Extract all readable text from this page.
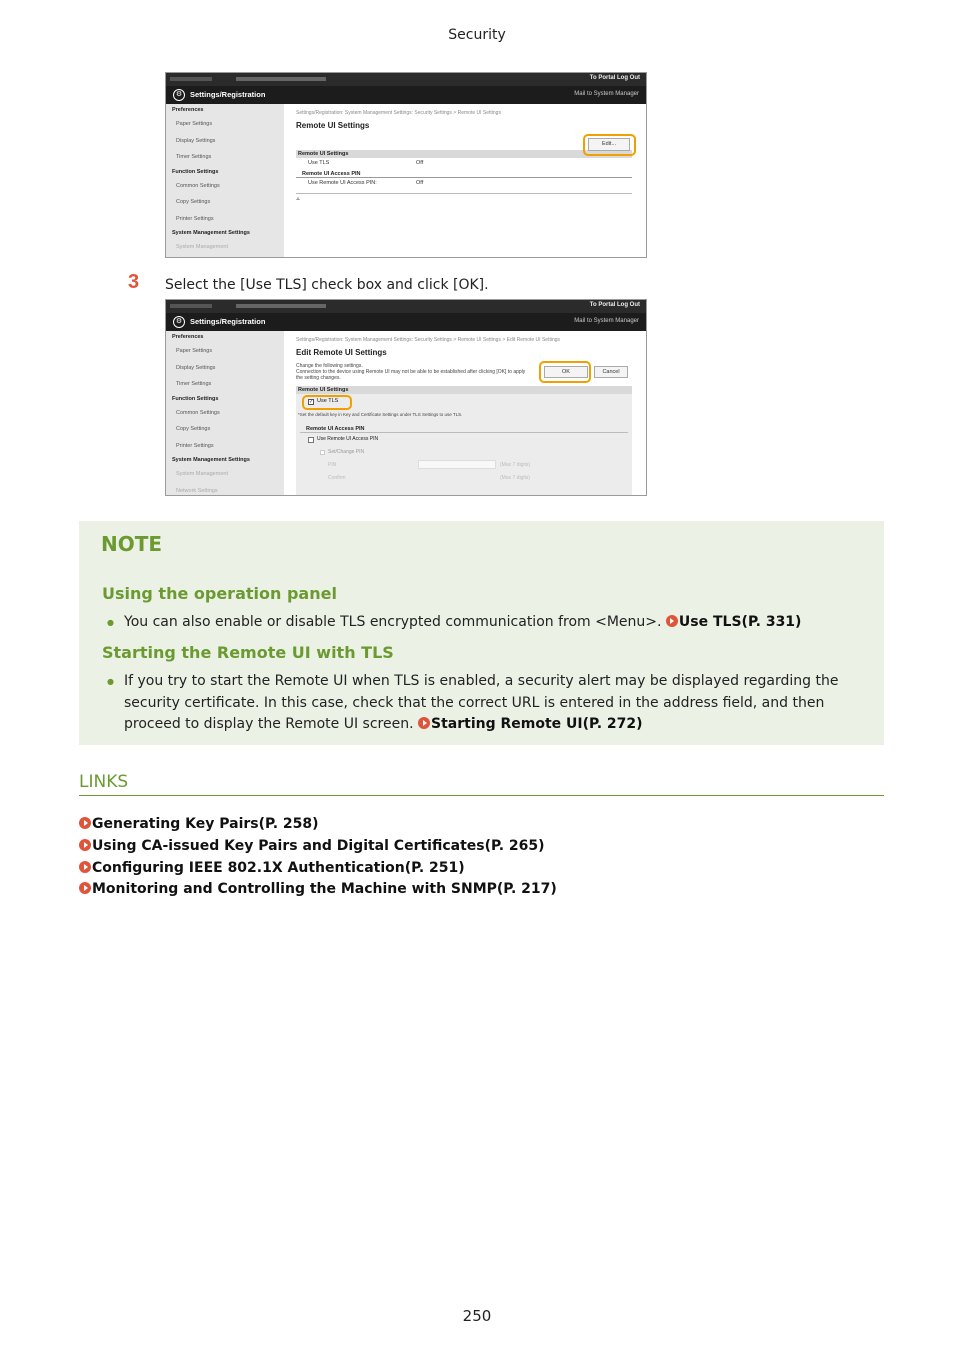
Security
To Portal Log Out
⚙	Settings/Registration	Mail to System Manager
Preferences
Paper Settings
Display Settings
Timer Settings
Function Settings
Common Settings
Copy Settings
Printer Settings
System Management Settings
System Management
Settings/Registration: System Management Settings: Security Settings > Remote UI Settings
Remote UI Settings
Edit...
Remote UI Settings
Use TLS	Off
Remote UI Access PIN
Use Remote UI Access PIN:	Off
⩡
3 Select the [Use TLS] check box and click [OK].
To Portal Log Out
⚙	Settings/Registration	Mail to System Manager
Preferences
Paper Settings
Display Settings
Timer Settings
Function Settings
Common Settings
Copy Settings
Printer Settings
System Management Settings
System Management
Network Settings
Settings/Registration: System Management Settings: Security Settings > Remote UI Settings > Edit Remote UI Settings
Edit Remote UI Settings
Change the following settings.
Connection to the device using Remote UI may not be able to be established after clicking [OK] to apply the setting changes.
OK	Cancel
Remote UI Settings
✓ Use TLS
*Set the default key in Key and Certificate Settings under TLS Settings to use TLS.
Remote UI Access PIN
Use Remote UI Access PIN
Set/Change PIN
PIN	(Max 7 digits)
Confirm	(Max 7 digits)
NOTE
Using the operation panel
● You can also enable or disable TLS encrypted communication from <Menu>. Use TLS(P. 331)
Starting the Remote UI with TLS
● If you try to start the Remote UI when TLS is enabled, a security alert may be displayed regarding the security certificate. In this case, check that the correct URL is entered in the address field, and then proceed to display the Remote UI screen. Starting Remote UI(P. 272)
LINKS
Generating Key Pairs(P. 258)
Using CA-issued Key Pairs and Digital Certificates(P. 265)
Configuring IEEE 802.1X Authentication(P. 251)
Monitoring and Controlling the Machine with SNMP(P. 217)
250
